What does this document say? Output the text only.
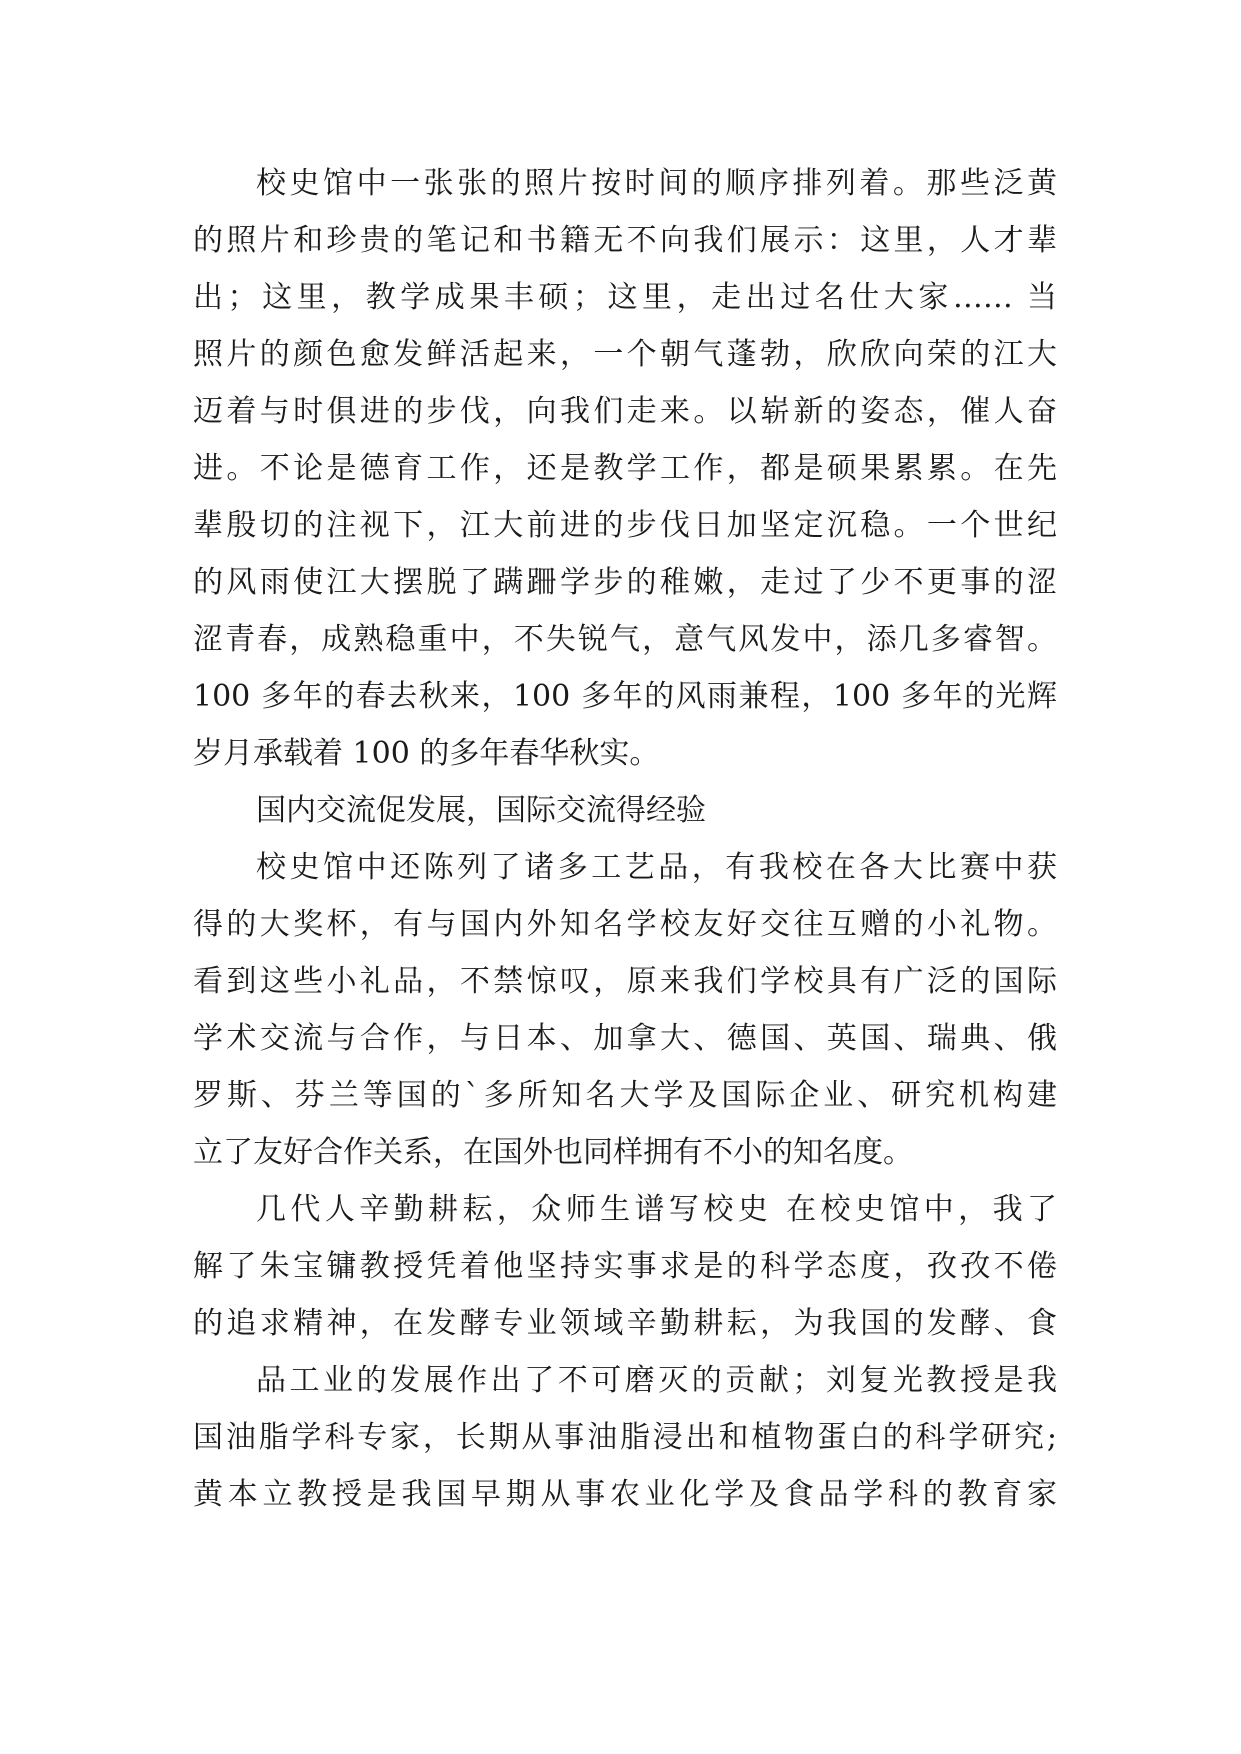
校史馆中一张张的照片按时间的顺序排列着。那些泛黄
的照片和珍贵的笔记和书籍无不向我们展示：这里，人才辈
出；这里，教学成果丰硕；这里，走出过名仕大家…… 当
照片的颜色愈发鲜活起来，一个朝气蓬勃，欣欣向荣的江大
迈着与时俱进的步伐，向我们走来。以崭新的姿态，催人奋
进。不论是德育工作，还是教学工作，都是硕果累累。在先
辈殷切的注视下，江大前进的步伐日加坚定沉稳。一个世纪
的风雨使江大摆脱了蹒跚学步的稚嫩，走过了少不更事的涩
涩青春，成熟稳重中，不失锐气，意气风发中，添几多睿智。
100 多年的春去秋来，100 多年的风雨兼程，100 多年的光辉
岁月承载着 100 的多年春华秋实。
国内交流促发展，国际交流得经验
校史馆中还陈列了诸多工艺品，有我校在各大比赛中获
得的大奖杯，有与国内外知名学校友好交往互赠的小礼物。
看到这些小礼品，不禁惊叹，原来我们学校具有广泛的国际
学术交流与合作，与日本、加拿大、德国、英国、瑞典、俄
罗斯、芬兰等国的`多所知名大学及国际企业、研究机构建
立了友好合作关系，在国外也同样拥有不小的知名度。
几代人辛勤耕耘，众师生谱写校史 在校史馆中，我了
解了朱宝镛教授凭着他坚持实事求是的科学态度，孜孜不倦
的追求精神，在发酵专业领域辛勤耕耘，为我国的发酵、食
品工业的发展作出了不可磨灭的贡献；刘复光教授是我
国油脂学科专家，长期从事油脂浸出和植物蛋白的科学研究;
黄本立教授是我国早期从事农业化学及食品学科的教育家
